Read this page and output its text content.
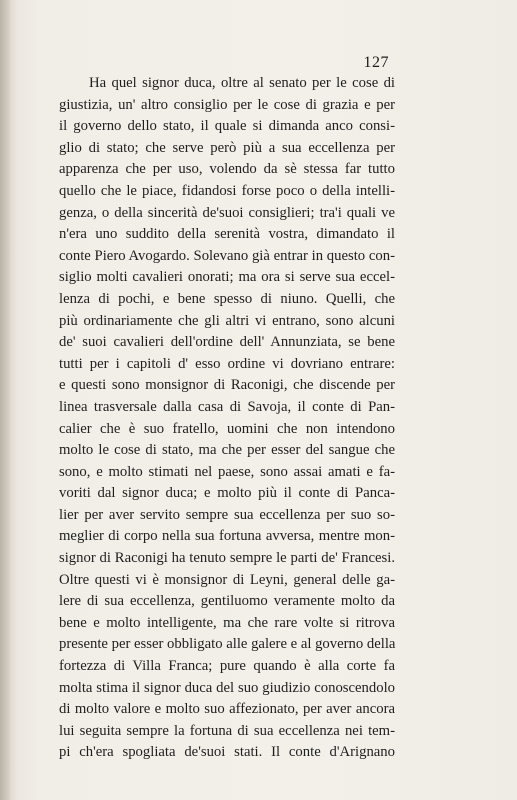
127
Ha quel signor duca, oltre al senato per le cose di
giustizia, un' altro consiglio per le cose di grazia e per
il governo dello stato, il quale si dimanda anco consi-
glio di stato; che serve però più a sua eccellenza per
apparenza che per uso, volendo da sè stessa far tutto
quello che le piace, fidandosi forse poco o della intelli-
genza, o della sincerità de'suoi consiglieri; tra'i quali ve
n'era uno suddito della serenità vostra, dimandato il
conte Piero Avogardo. Solevano già entrar in questo con-
siglio molti cavalieri onorati; ma ora si serve sua eccel-
lenza di pochi, e bene spesso di niuno. Quelli, che
più ordinariamente che gli altri vi entrano, sono alcuni
de' suoi cavalieri dell'ordine dell' Annunziata, se bene
tutti per i capitoli d' esso ordine vi dovriano entrare:
e questi sono monsignor di Raconigi, che discende per
linea trasversale dalla casa di Savoja, il conte di Pan-
calier che è suo fratello, uomini che non intendono
molto le cose di stato, ma che per esser del sangue che
sono, e molto stimati nel paese, sono assai amati e fa-
voriti dal signor duca; e molto più il conte di Panca-
lier per aver servito sempre sua eccellenza per suo so-
meglier di corpo nella sua fortuna avversa, mentre mon-
signor di Raconigi ha tenuto sempre le parti de' Francesi.
Oltre questi vi è monsignor di Leyni, general delle ga-
lere di sua eccellenza, gentiluomo veramente molto da
bene e molto intelligente, ma che rare volte si ritrova
presente per esser obbligato alle galere e al governo della
fortezza di Villa Franca; pure quando è alla corte fa
molta stima il signor duca del suo giudizio conoscendolo
di molto valore e molto suo affezionato, per aver ancora
lui seguita sempre la fortuna di sua eccellenza nei tem-
pi ch'era spogliata de'suoi stati. Il conte d'Arignano
